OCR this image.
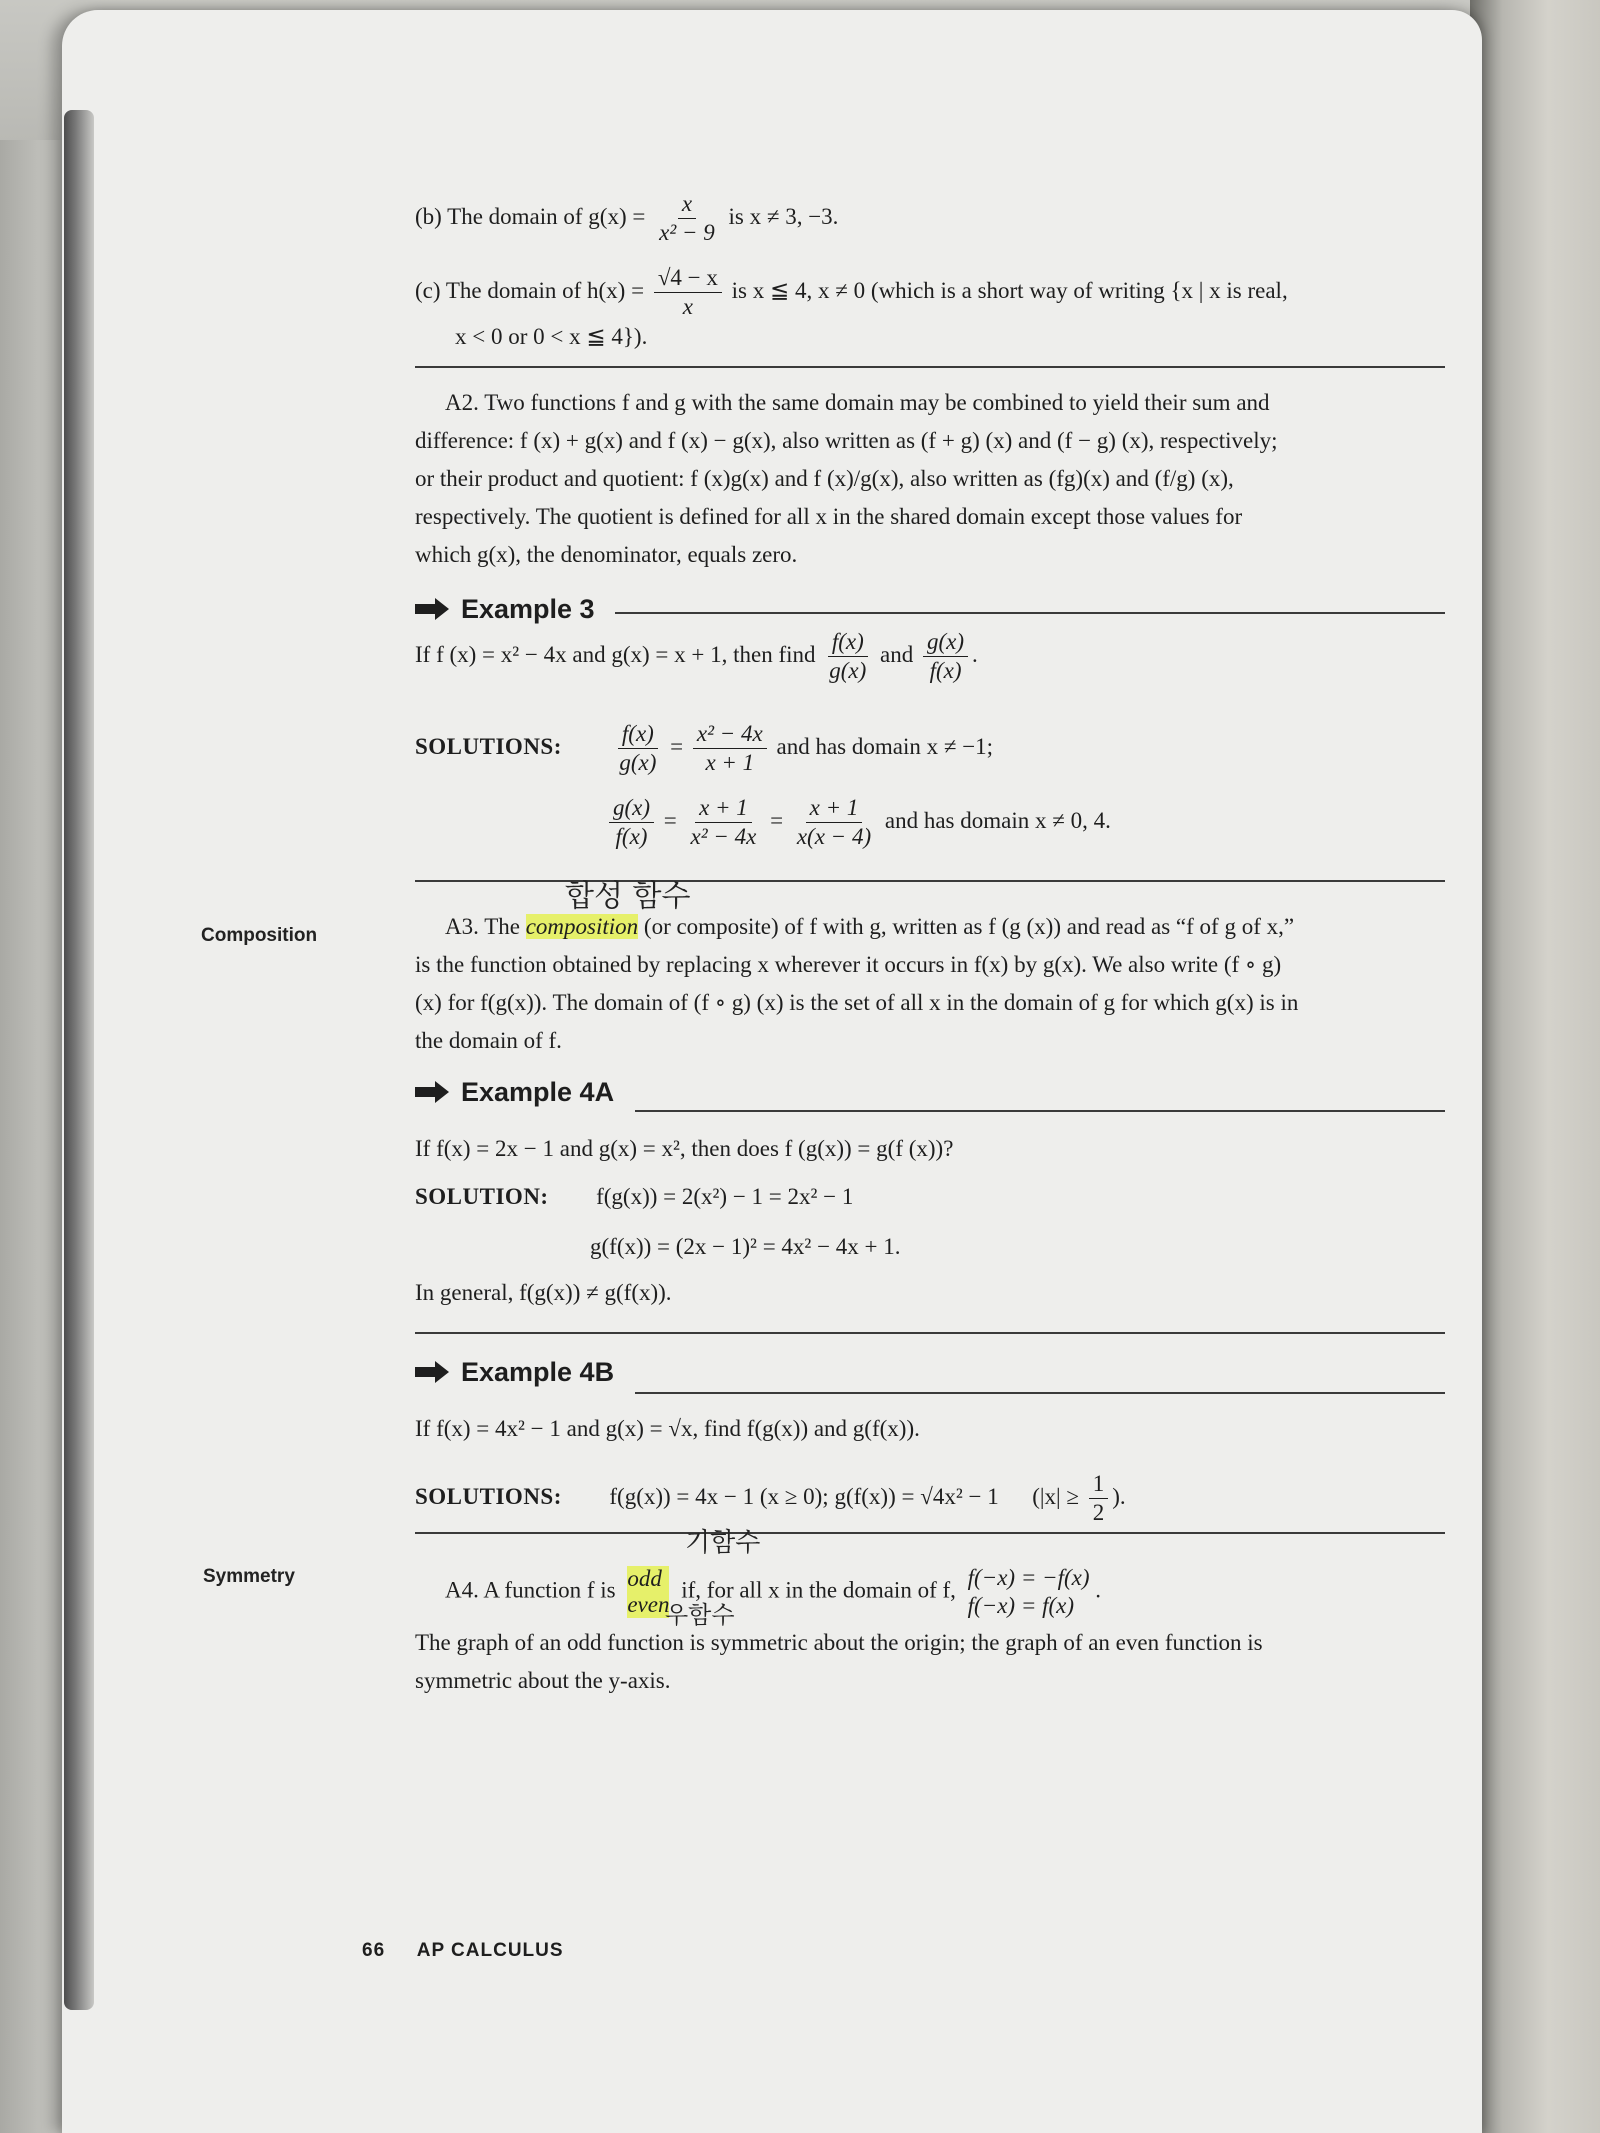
Composition
Symmetry
(b) The domain of $g(x) = \frac{x}{\text{x² − 9}}$ is x ≠ 3, −3.
(c) The domain of $h(x) = \frac{√4 - x}{x}$ is x ≦ 4, x ≠ 0 (which is a short way of writing {x | x is real,
x < 0 or 0 < x ≦ 4}).
A2. Two functions f and g with the same domain may be combined to yield their sum and
difference: f (x) + g(x) and f (x) − g(x), also written as (f + g) (x) and (f − g) (x), respectively;
or their product and quotient: f (x)g(x) and f (x)/g(x), also written as (fg)(x) and (f/g) (x),
respectively. The quotient is defined for all x in the shared domain except those values for
which g(x), the denominator, equals zero.
Example 3
If f (x) = x² − 4x and g(x) = x + 1, then find $\frac{f(x)}{g(x)}$ and $\frac{g(x)}{f(x)}$ .
SOLUTIONS: $\frac{f(x)}{g(x)} = \frac{\text{x² − 4x}}{x + 1}$ and has domain x ≠ −1;
$\frac{g(x)}{f(x)} = \frac{x + 1}{\text{x² − 4x}} = \frac{x + 1}{x(x - 4)}$ and has domain x ≠ 0, 4.
합성 함수
A3. The composition (or composite) of f with g, written as f (g (x)) and read as “f of g of x,”
is the function obtained by replacing x wherever it occurs in f(x) by g(x). We also write (f ∘ g)
(x) for f(g(x)). The domain of (f ∘ g) (x) is the set of all x in the domain of g for which g(x) is in
the domain of f.
Example 4A
If f(x) = 2x − 1 and g(x) = x², then does f (g(x)) = g(f (x))?
SOLUTION: f(g(x)) = 2(x²) − 1 = 2x² − 1
g(f(x)) = (2x − 1)² = 4x² − 4x + 1.
In general, f(g(x)) ≠ g(f(x)).
Example 4B
If f(x) = 4x² − 1 and g(x) = √x, find f(g(x)) and g(f(x)).
SOLUTIONS: f(g(x)) = 4x − 1 (x ≥ 0); g(f(x)) = √4x² − 1  ($|x| \ge \frac{1}{2}$ ).
기함수
A4. A function f is odd
even
if, for all x in the domain of f, f(−x) = −f(x)
f(−x) = f(x)
.
우함수
The graph of an odd function is symmetric about the origin; the graph of an even function is
symmetric about the y-axis.
66 AP CALCULUS
